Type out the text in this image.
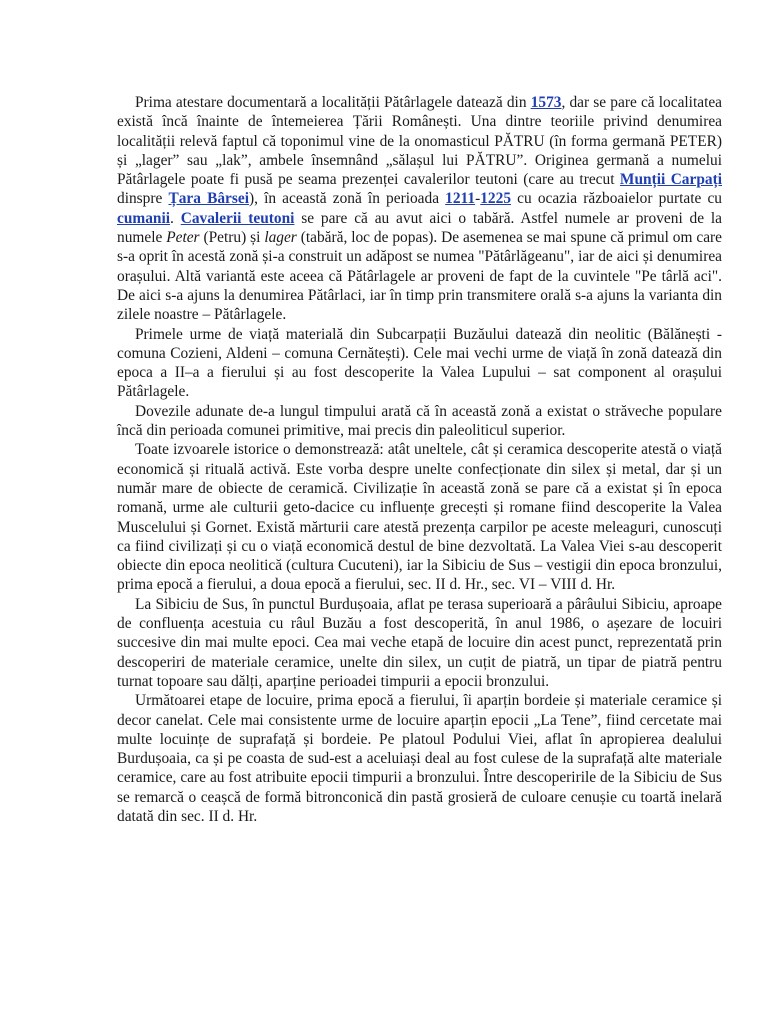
Prima atestare documentară a localității Pătârlagele datează din 1573, dar se pare că localitatea există încă înainte de întemeierea Țării Românești. Una dintre teoriile privind denumirea localității relevă faptul că toponimul vine de la onomasticul PĂTRU (în forma germană PETER) și „lager” sau „lak”, ambele însemnând „sălașul lui PĂTRU”. Originea germană a numelui Pătârlagele poate fi pusă pe seama prezenței cavalerilor teutoni (care au trecut Munții Carpați dinspre Țara Bârsei), în această zonă în perioada 1211-1225 cu ocazia războaielor purtate cu cumanii. Cavalerii teutoni se pare că au avut aici o tabără. Astfel numele ar proveni de la numele Peter (Petru) și lager (tabără, loc de popas). De asemenea se mai spune că primul om care s-a oprit în acestă zonă și-a construit un adăpost se numea "Pătârlăgeanu", iar de aici și denumirea orașului. Altă variantă este aceea că Pătârlagele ar proveni de fapt de la cuvintele "Pe târlă aci". De aici s-a ajuns la denumirea Pătârlaci, iar în timp prin transmitere orală s-a ajuns la varianta din zilele noastre – Pătârlagele.

Primele urme de viață materială din Subcarpații Buzăului datează din neolitic (Bălănești - comuna Cozieni, Aldeni – comuna Cernătești). Cele mai vechi urme de viață în zonă datează din epoca a II–a a fierului și au fost descoperite la Valea Lupului – sat component al orașului Pătârlagele.

Dovezile adunate de-a lungul timpului arată că în această zonă a existat o străveche populare încă din perioada comunei primitive, mai precis din paleoliticul superior.

Toate izvoarele istorice o demonstrează: atât uneltele, cât și ceramica descoperite atestă o viață economică și rituală activă. Este vorba despre unelte confecționate din silex și metal, dar și un număr mare de obiecte de ceramică. Civilizație în această zonă se pare că a existat și în epoca romană, urme ale culturii geto-dacice cu influențe grecești și romane fiind descoperite la Valea Muscelului și Gornet. Există mărturii care atestă prezența carpilor pe aceste meleaguri, cunoscuți ca fiind civilizați și cu o viață economică destul de bine dezvoltată. La Valea Viei s-au descoperit obiecte din epoca neolitică (cultura Cucuteni), iar la Sibiciu de Sus – vestigii din epoca bronzului, prima epocă a fierului, a doua epocă a fierului, sec. II d. Hr., sec. VI – VIII d. Hr.

La Sibiciu de Sus, în punctul Burdușoaia, aflat pe terasa superioară a pârâului Sibiciu, aproape de confluența acestuia cu râul Buzău a fost descoperită, în anul 1986, o așezare de locuiri succesive din mai multe epoci. Cea mai veche etapă de locuire din acest punct, reprezentată prin descoperiri de materiale ceramice, unelte din silex, un cuțit de piatră, un tipar de piatră pentru turnat topoare sau dălți, aparține perioadei timpurii a epocii bronzului.

Următoarei etape de locuire, prima epocă a fierului, îi aparțin bordeie și materiale ceramice și decor canelat. Cele mai consistente urme de locuire aparțin epocii „La Tene”, fiind cercetate mai multe locuințe de suprafață și bordeie. Pe platoul Podului Viei, aflat în apropierea dealului Burdușoaia, ca și pe coasta de sud-est a aceluiași deal au fost culese de la suprafață alte materiale ceramice, care au fost atribuite epocii timpurii a bronzului. Între descoperirile de la Sibiciu de Sus se remarcă o ceașcă de formă bitronconică din pastă grosieră de culoare cenușie cu toartă inelară datată din sec. II d. Hr.
